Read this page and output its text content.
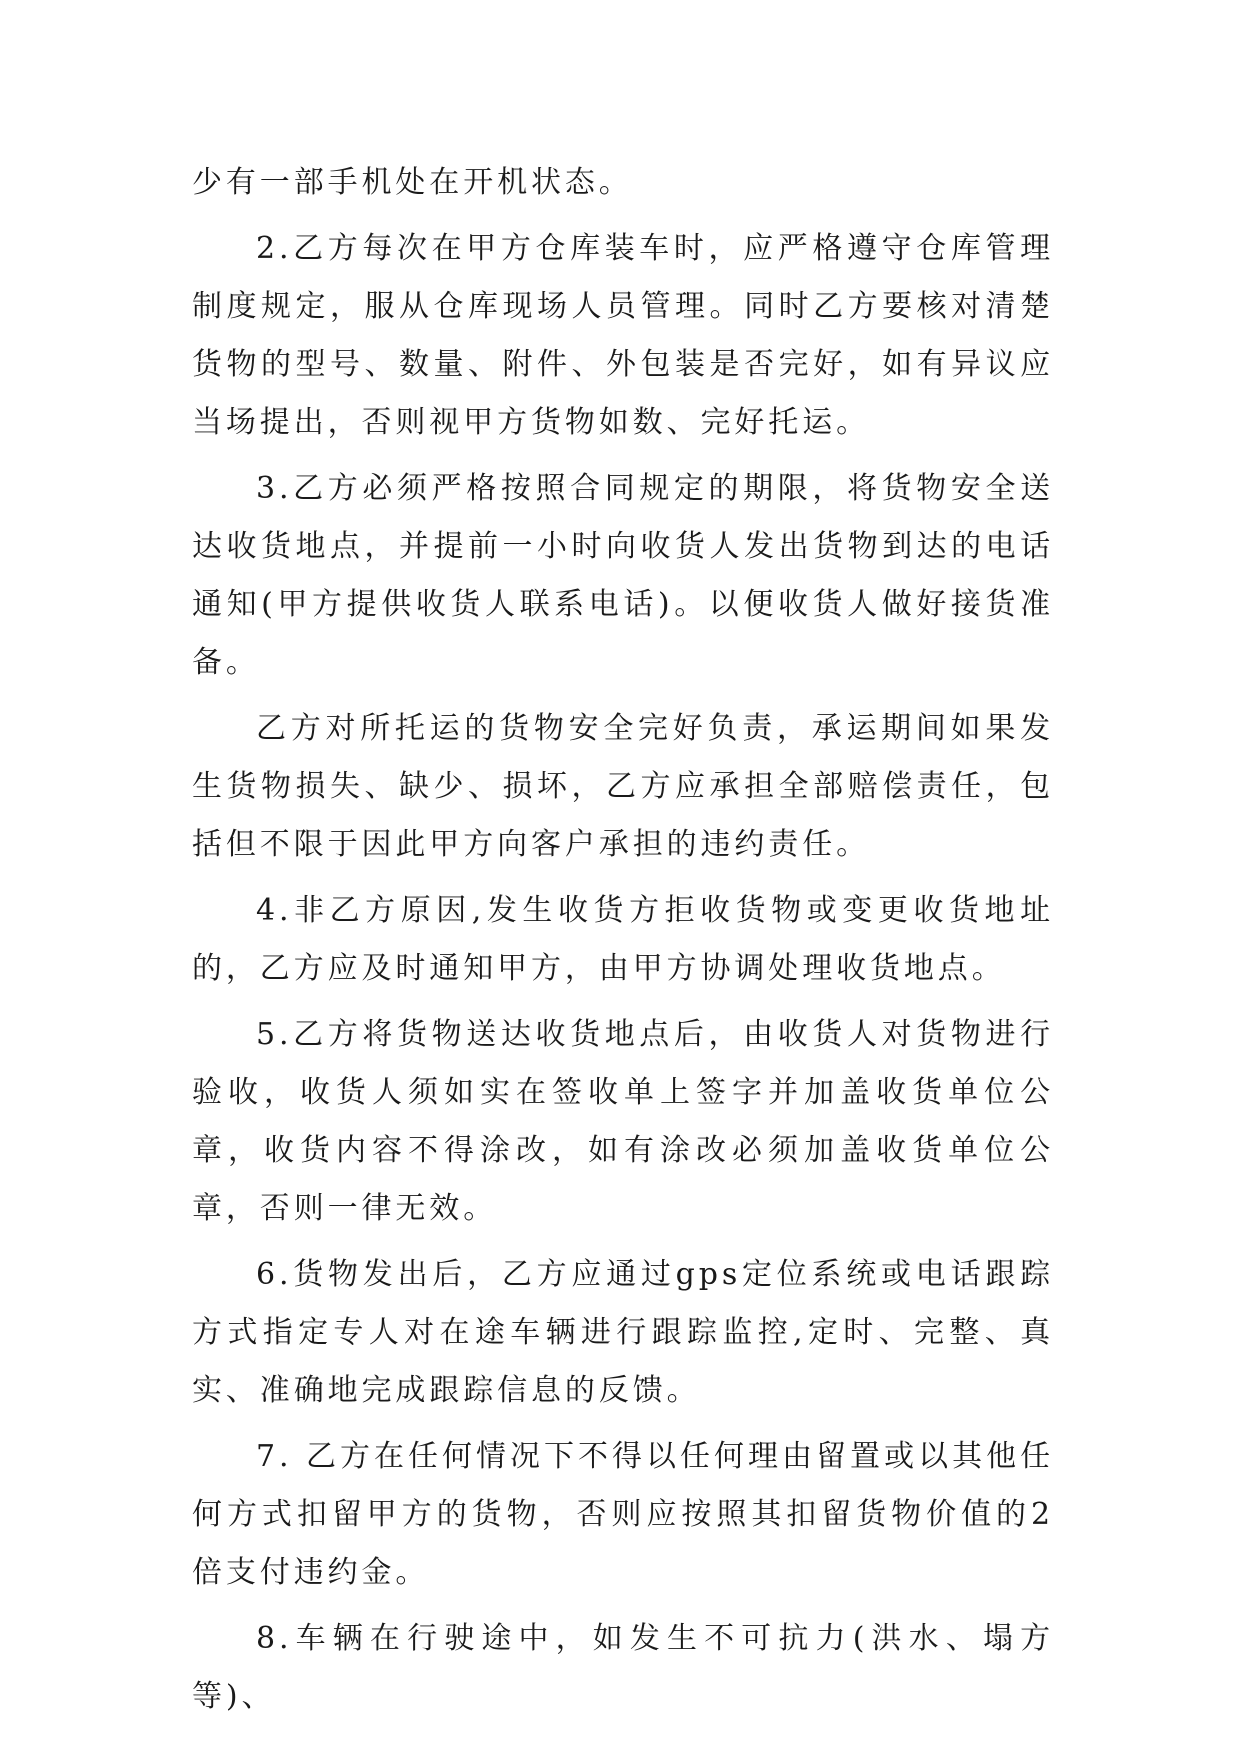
少有一部手机处在开机状态。

2.乙方每次在甲方仓库装车时，应严格遵守仓库管理制度规定，服从仓库现场人员管理。同时乙方要核对清楚货物的型号、数量、附件、外包装是否完好，如有异议应当场提出，否则视甲方货物如数、完好托运。

3.乙方必须严格按照合同规定的期限，将货物安全送达收货地点，并提前一小时向收货人发出货物到达的电话通知(甲方提供收货人联系电话)。以便收货人做好接货准备。

乙方对所托运的货物安全完好负责，承运期间如果发生货物损失、缺少、损坏，乙方应承担全部赔偿责任，包括但不限于因此甲方向客户承担的违约责任。

4.非乙方原因,发生收货方拒收货物或变更收货地址的，乙方应及时通知甲方，由甲方协调处理收货地点。

5.乙方将货物送达收货地点后，由收货人对货物进行验收，收货人须如实在签收单上签字并加盖收货单位公章，收货内容不得涂改，如有涂改必须加盖收货单位公章，否则一律无效。

6.货物发出后，乙方应通过gps定位系统或电话跟踪方式指定专人对在途车辆进行跟踪监控,定时、完整、真实、准确地完成跟踪信息的反馈。

7. 乙方在任何情况下不得以任何理由留置或以其他任何方式扣留甲方的货物，否则应按照其扣留货物价值的2倍支付违约金。

8.车辆在行驶途中，如发生不可抗力(洪水、塌方等)、
